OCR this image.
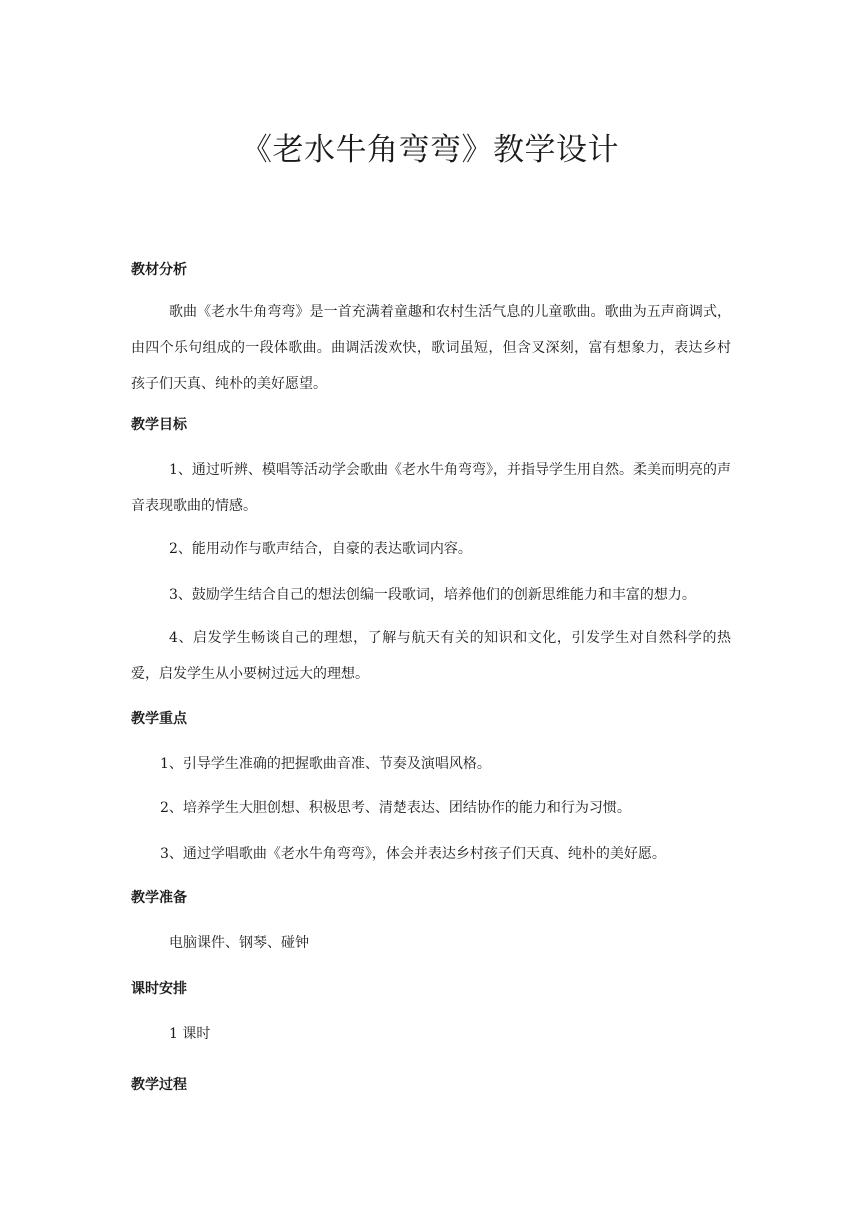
《老水牛角弯弯》教学设计
教材分析
歌曲《老水牛角弯弯》是一首充满着童趣和农村生活气息的儿童歌曲。歌曲为五声商调式，由四个乐句组成的一段体歌曲。曲调活泼欢快，歌词虽短，但含叉深刻，富有想象力，表达乡村孩子们天真、纯朴的美好愿望。
教学目标
1、通过听辨、模唱等活动学会歌曲《老水牛角弯弯》，并指导学生用自然。柔美而明亮的声音表现歌曲的情感。
2、能用动作与歌声结合，自豪的表达歌词内容。
3、鼓励学生结合自己的想法创编一段歌词，培养他们的创新思维能力和丰富的想力。
4、启发学生畅谈自己的理想，了解与航天有关的知识和文化，引发学生对自然科学的热爱，启发学生从小要树过远大的理想。
教学重点
1、引导学生准确的把握歌曲音准、节奏及演唱风格。
2、培养学生大胆创想、积极思考、清楚表达、团结协作的能力和行为习惯。
3、通过学唱歌曲《老水牛角弯弯》，体会并表达乡村孩子们天真、纯朴的美好愿。
教学准备
电脑课件、钢琴、碰钟
课时安排
1 课时
教学过程
